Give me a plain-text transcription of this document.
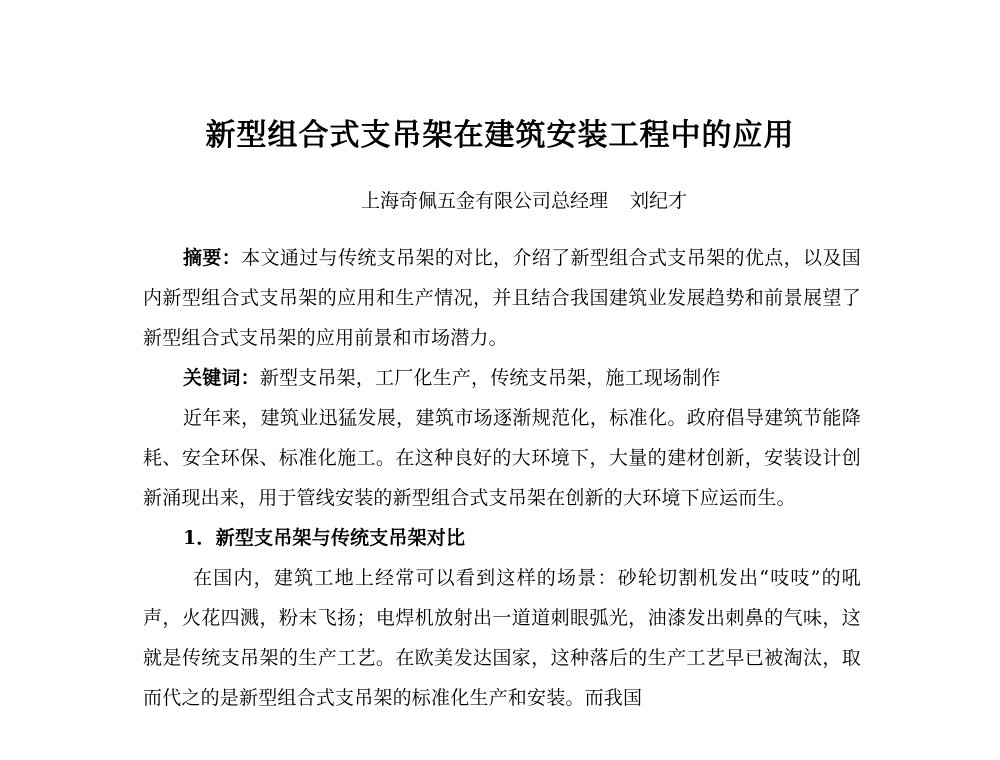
新型组合式支吊架在建筑安装工程中的应用
上海奇佩五金有限公司总经理 刘纪才

摘要：本文通过与传统支吊架的对比，介绍了新型组合式支吊架的优点，以及国内新型组合式支吊架的应用和生产情况，并且结合我国建筑业发展趋势和前景展望了新型组合式支吊架的应用前景和市场潜力。

关键词：新型支吊架，工厂化生产，传统支吊架，施工现场制作

近年来，建筑业迅猛发展，建筑市场逐渐规范化，标准化。政府倡导建筑节能降耗、安全环保、标准化施工。在这种良好的大环境下，大量的建材创新，安装设计创新涌现出来，用于管线安装的新型组合式支吊架在创新的大环境下应运而生。

1．新型支吊架与传统支吊架对比

在国内，建筑工地上经常可以看到这样的场景：砂轮切割机发出“吱吱”的吼声，火花四溅，粉末飞扬；电焊机放射出一道道刺眼弧光，油漆发出刺鼻的气味，这就是传统支吊架的生产工艺。在欧美发达国家，这种落后的生产工艺早已被淘汰，取而代之的是新型组合式支吊架的标准化生产和安装。而我国
